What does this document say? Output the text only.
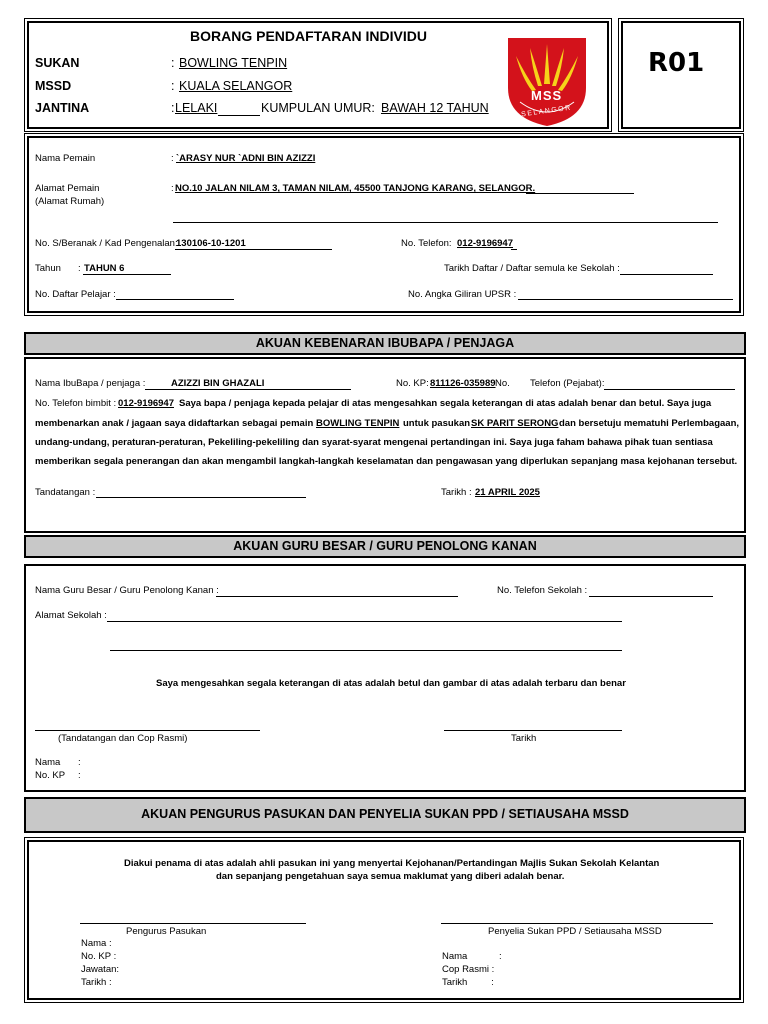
BORANG PENDAFTARAN INDIVIDU
SUKAN	: BOWLING TENPIN
MSSD	: KUALA SELANGOR
JANTINA	: LELAKI	KUMPULAN UMUR: BAWAH 12 TAHUN
MSS
SELANGOR
R01
Nama Pemain	: `ARASY NUR `ADNI BIN AZIZZI
Alamat Pemain
(Alamat Rumah)
: NO.10 JALAN NILAM 3, TAMAN NILAM, 45500 TANJONG KARANG, SELANGOR.
No. S/Beranak / Kad Pengenalan:
130106-10-1201	No. Telefon: 012-9196947
Tahun : TAHUN 6	Tarikh Daftar / Daftar semula ke Sekolah :
No. Daftar Pelajar :	No. Angka Giliran UPSR :
AKUAN KEBENARAN IBUBAPA / PENJAGA
Nama IbuBapa / penjaga :	AZIZZI BIN GHAZALI	No. KP: 811126-035989 No. Telefon (Pejabat):
No. Telefon bimbit : 012-9196947 Saya bapa / penjaga kepada pelajar di atas mengesahkan segala keterangan di atas adalah benar dan betul. Saya juga
membenarkan anak / jagaan saya didaftarkan sebagai pemain BOWLING TENPIN untuk pasukan SK PARIT SERONG dan bersetuju mematuhi Perlembagaan,
undang-undang, peraturan-peraturan, Pekeliling-pekeliling dan syarat-syarat mengenai pertandingan ini. Saya juga faham bahawa pihak tuan sentiasa
memberikan segala penerangan dan akan mengambil langkah-langkah keselamatan dan pengawasan yang diperlukan sepanjang masa kejohanan tersebut.
Tandatangan :	Tarikh : 21 APRIL 2025
AKUAN GURU BESAR / GURU PENOLONG KANAN
Nama Guru Besar / Guru Penolong Kanan :	No. Telefon Sekolah :
Alamat Sekolah :
Saya mengesahkan segala keterangan di atas adalah betul dan gambar di atas adalah terbaru dan benar
(Tandatangan dan Cop Rasmi)	Tarikh
Nama :
No. KP :
AKUAN PENGURUS PASUKAN DAN PENYELIA SUKAN PPD / SETIAUSAHA MSSD
Diakui penama di atas adalah ahli pasukan ini yang menyertai Kejohanan/Pertandingan Majlis Sukan Sekolah Kelantan
dan sepanjang pengetahuan saya semua maklumat yang diberi adalah benar.
Pengurus Pasukan	Penyelia Sukan PPD / Setiausaha MSSD
Nama :
No. KP :
Jawatan:
Tarikh :
Nama            :
Cop Rasmi :
Tarikh         :
